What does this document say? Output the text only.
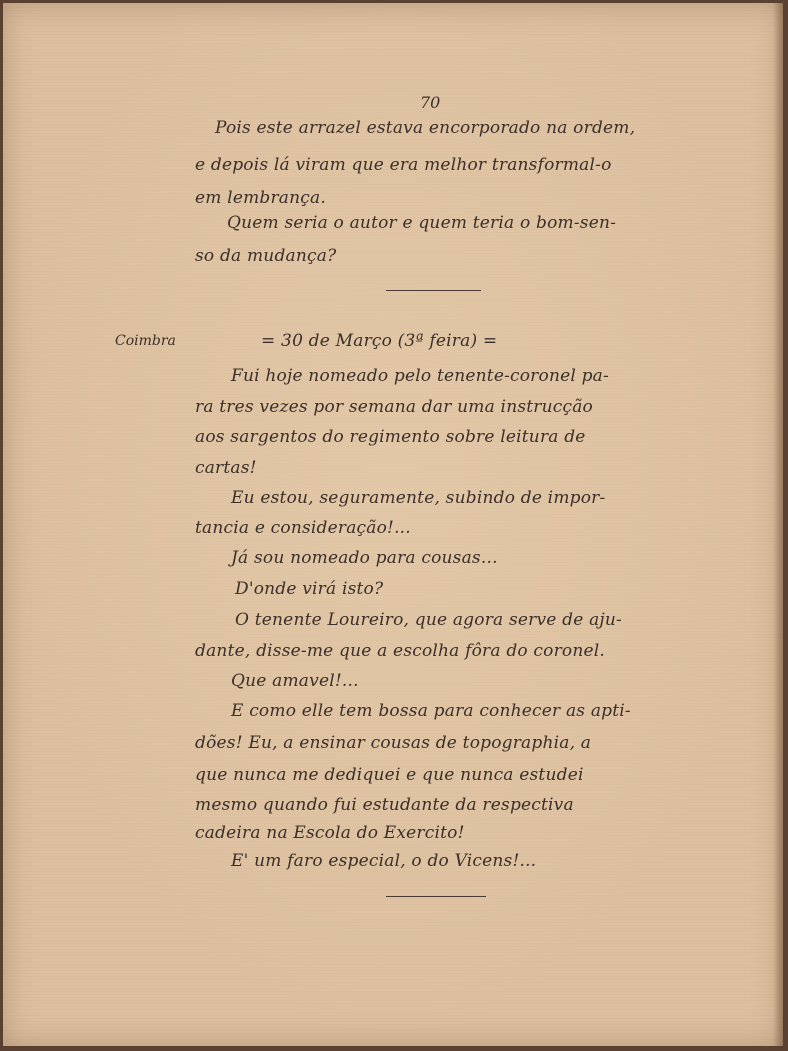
70
Pois este arrazel estava encorporado na ordem,
e depois lá viram que era melhor transformal-o
em lembrança.
Quem seria o autor e quem teria o bom-sen-
so da mudança?
Coimbra	= 30 de Março (3ª feira) =
Fui hoje nomeado pelo tenente-coronel pa-
ra tres vezes por semana dar uma instrucção
aos sargentos do regimento sobre leitura de
cartas!
Eu estou, seguramente, subindo de impor-
tancia e consideração!...
Já sou nomeado para cousas...
D'onde virá isto?
O tenente Loureiro, que agora serve de aju-
dante, disse-me que a escolha fôra do coronel.
Que amavel!...
E como elle tem bossa para conhecer as apti-
dões! Eu, a ensinar cousas de topographia, a
que nunca me dediquei e que nunca estudei
mesmo quando fui estudante da respectiva
cadeira na Escola do Exercito!
E' um faro especial, o do Vicens!...
